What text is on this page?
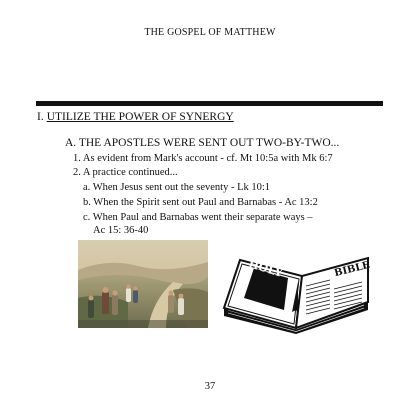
THE GOSPEL OF MATTHEW
I. UTILIZE THE POWER OF SYNERGY
A. THE APOSTLES WERE SENT OUT TWO-BY-TWO...
1. As evident from Mark's account - cf. Mt 10:5a with Mk 6:7
2. A practice continued...
a. When Jesus sent out the seventy - Lk 10:1
b. When the Spirit sent out Paul and Barnabas - Ac 13:2
c. When Paul and Barnabas went their separate ways –
Ac 15: 36-40
HOLY	BIBLE
37
